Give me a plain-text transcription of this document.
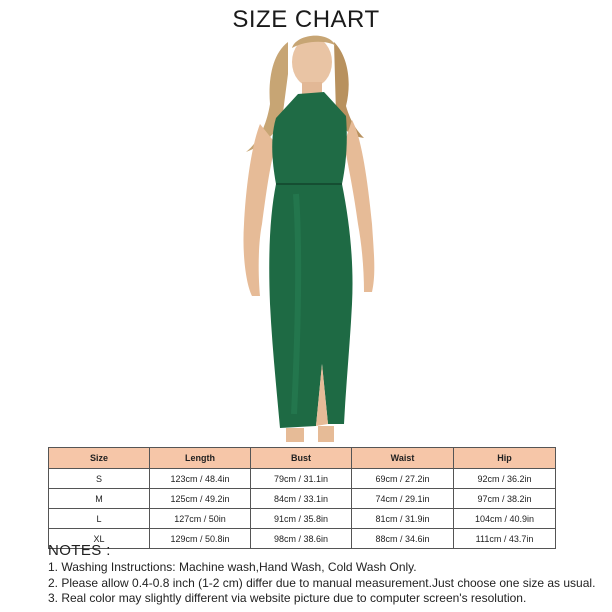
SIZE CHART
Size	Length	Bust	Waist	Hip
S	123cm / 48.4in	79cm / 31.1in	69cm / 27.2in	92cm / 36.2in
M	125cm / 49.2in	84cm / 33.1in	74cm / 29.1in	97cm / 38.2in
L	127cm / 50in	91cm / 35.8in	81cm / 31.9in	104cm / 40.9in
XL	129cm / 50.8in	98cm / 38.6in	88cm / 34.6in	111cm / 43.7in
NOTES :
1. Washing Instructions: Machine wash,Hand Wash, Cold Wash Only.
2. Please allow 0.4-0.8 inch (1-2 cm) differ due to manual measurement.Just choose one size as usual.
3. Real color may slightly different via website picture due to computer screen's resolution.
